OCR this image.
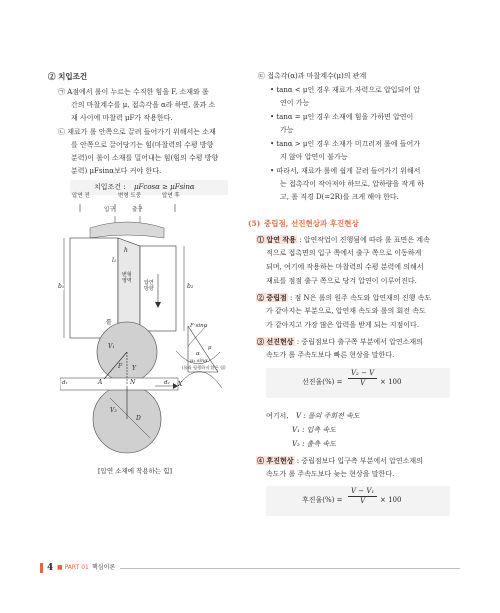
② 치입조건
㉠ A점에서 롤이 누르는 수직한 힘을 F, 소재와 롤
간의 마찰계수를 μ, 접촉각을 α라 하면, 롤과 소
재 사이에 마찰력 μF가 작용한다.
㉡ 재료가 롤 안쪽으로 끌려 들어가기 위해서는 소재
를 안쪽으로 끌어당기는 힘(마찰력의 수평 방향
분력)이 롤이 소재를 밀어내는 힘(힘의 수평 방향
분력) μFsinα보다 커야 한다.
치입조건 : μFcosα ≥ μFsinα
압연 전	변형 도중	압연 후
입구	출구
b₁	b₂
h
l₁
변형 영역	압연 방향
롤	F·sinα
α
μ
μ₁ sinα
(롤과 평행하지 않은 힘)
A	N	X
Y
F
V₁
V₂
D
d₁	d₂
[압연 소재에 작용하는 힘]
㉢ 접촉각(α)과 마찰계수(μ)의 관계
• tanα < μ인 경우 재료가 자력으로 압입되어 압
연이 가능
• tanα = μ인 경우 소재에 힘을 가하면 압연이
가능
• tanα > μ인 경우 소재가 미끄러져 롤에 들어가
지 않아 압연이 불가능
• 따라서, 재료가 롤에 쉽게 끌려 들어가기 위해서
는 접촉각이 작아져야 하므로, 압하량을 작게 하
고, 롤 직경 D(=2R)를 크게 해야 한다.
(5) 중립점, 선진현상과 후진현상
① 압연 작용 : 압연작업이 진행됨에 따라 롤 표면은 계속
적으로 접촉면의 입구 쪽에서 출구 쪽으로 이동하게
되며, 여기에 작용하는 마찰력의 수평 분력에 의해서
재료를 점점 출구 쪽으로 당겨 압연이 이루어진다.
② 중립점 : 점 N은 롤의 원주 속도와 압연재의 진행 속도
가 같아지는 부분으로, 압연재 속도와 롤의 회전 속도
가 같아지고 가장 많은 압력을 받게 되는 지점이다.
③ 선진현상 : 중립점보다 출구쪽 부분에서 압연소재의
속도가 롤 주속도보다 빠른 현상을 말한다.
선진율(%) = $\frac{\text{V₂ − V}}{V} \times 100$
여기서, V : 롤의 주회전 속도
V₁ : 입측 속도
V₂ : 출측 속도
④ 후진현상 : 중립점보다 입구측 부분에서 압연소재의
속도가 롤 주속도보다 늦는 현상을 말한다.
후진율(%) = $\frac{\text{V − V₁}}{V} \times 100$
4 ■ PART 01 핵심이론
